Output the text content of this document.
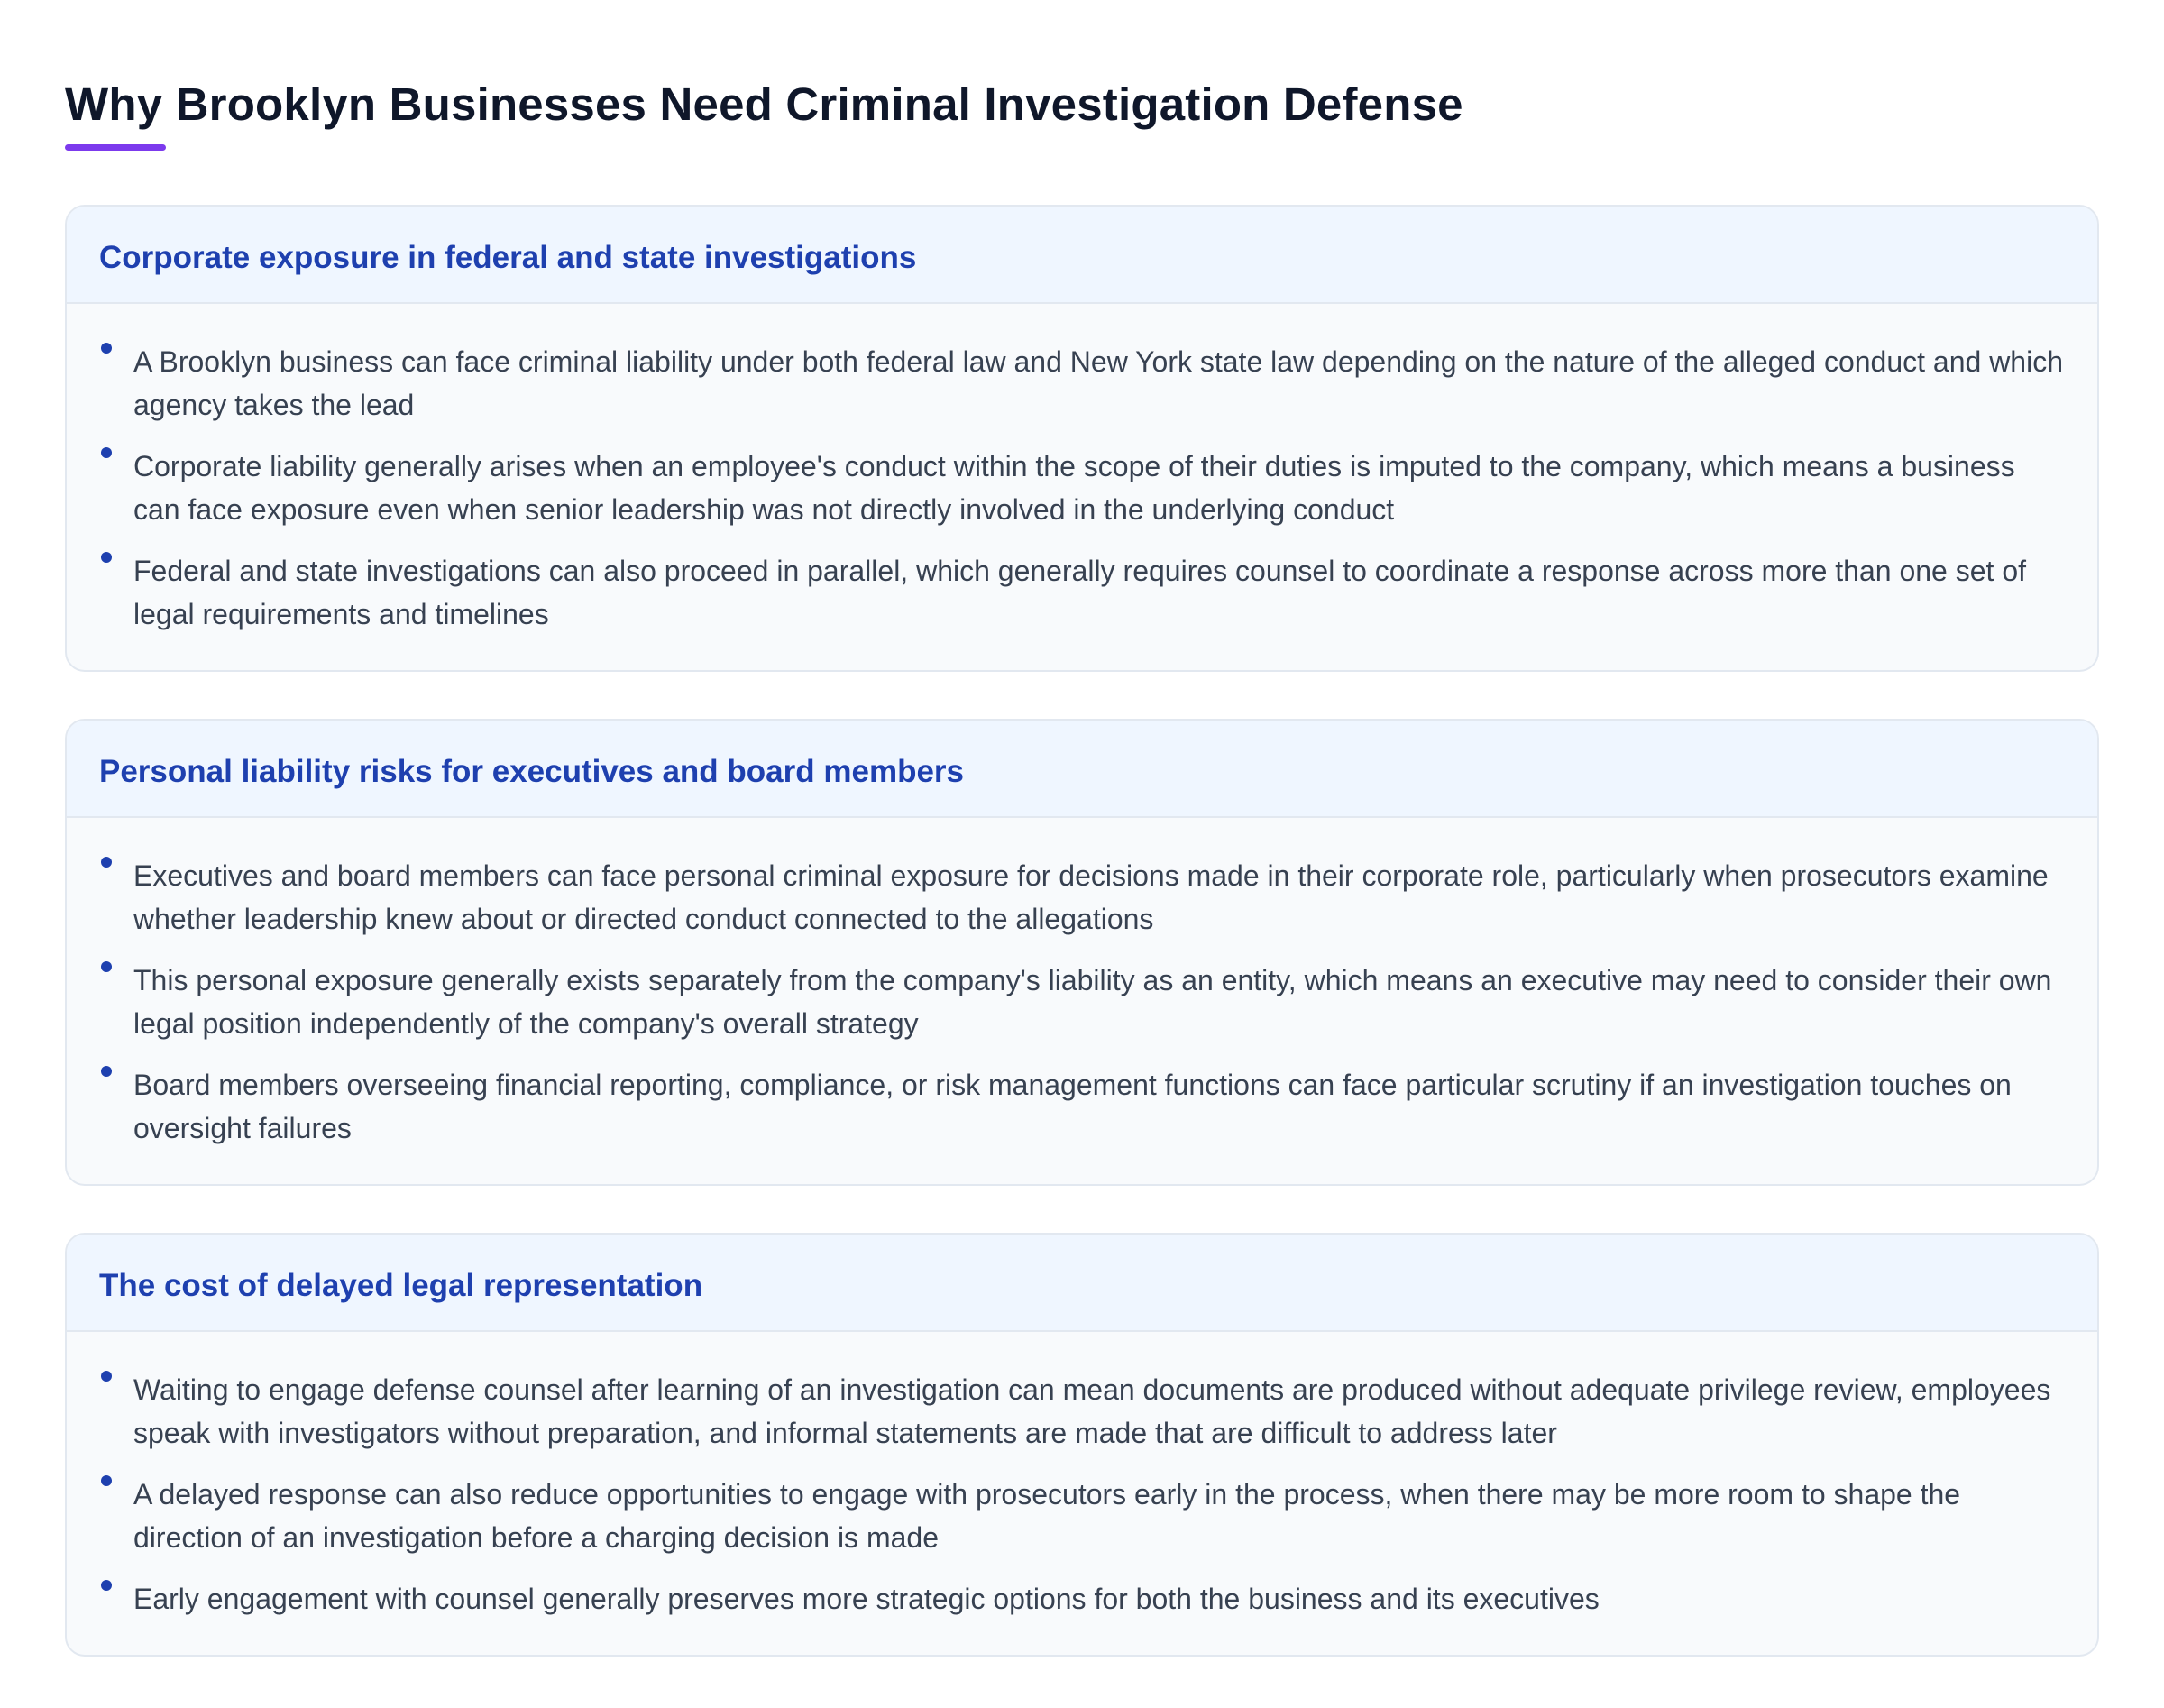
Why Brooklyn Businesses Need Criminal Investigation Defense
Corporate exposure in federal and state investigations
A Brooklyn business can face criminal liability under both federal law and New York state law depending on the nature of the alleged conduct and which agency takes the lead
Corporate liability generally arises when an employee's conduct within the scope of their duties is imputed to the company, which means a business can face exposure even when senior leadership was not directly involved in the underlying conduct
Federal and state investigations can also proceed in parallel, which generally requires counsel to coordinate a response across more than one set of legal requirements and timelines
Personal liability risks for executives and board members
Executives and board members can face personal criminal exposure for decisions made in their corporate role, particularly when prosecutors examine whether leadership knew about or directed conduct connected to the allegations
This personal exposure generally exists separately from the company's liability as an entity, which means an executive may need to consider their own legal position independently of the company's overall strategy
Board members overseeing financial reporting, compliance, or risk management functions can face particular scrutiny if an investigation touches on oversight failures
The cost of delayed legal representation
Waiting to engage defense counsel after learning of an investigation can mean documents are produced without adequate privilege review, employees speak with investigators without preparation, and informal statements are made that are difficult to address later
A delayed response can also reduce opportunities to engage with prosecutors early in the process, when there may be more room to shape the direction of an investigation before a charging decision is made
Early engagement with counsel generally preserves more strategic options for both the business and its executives
